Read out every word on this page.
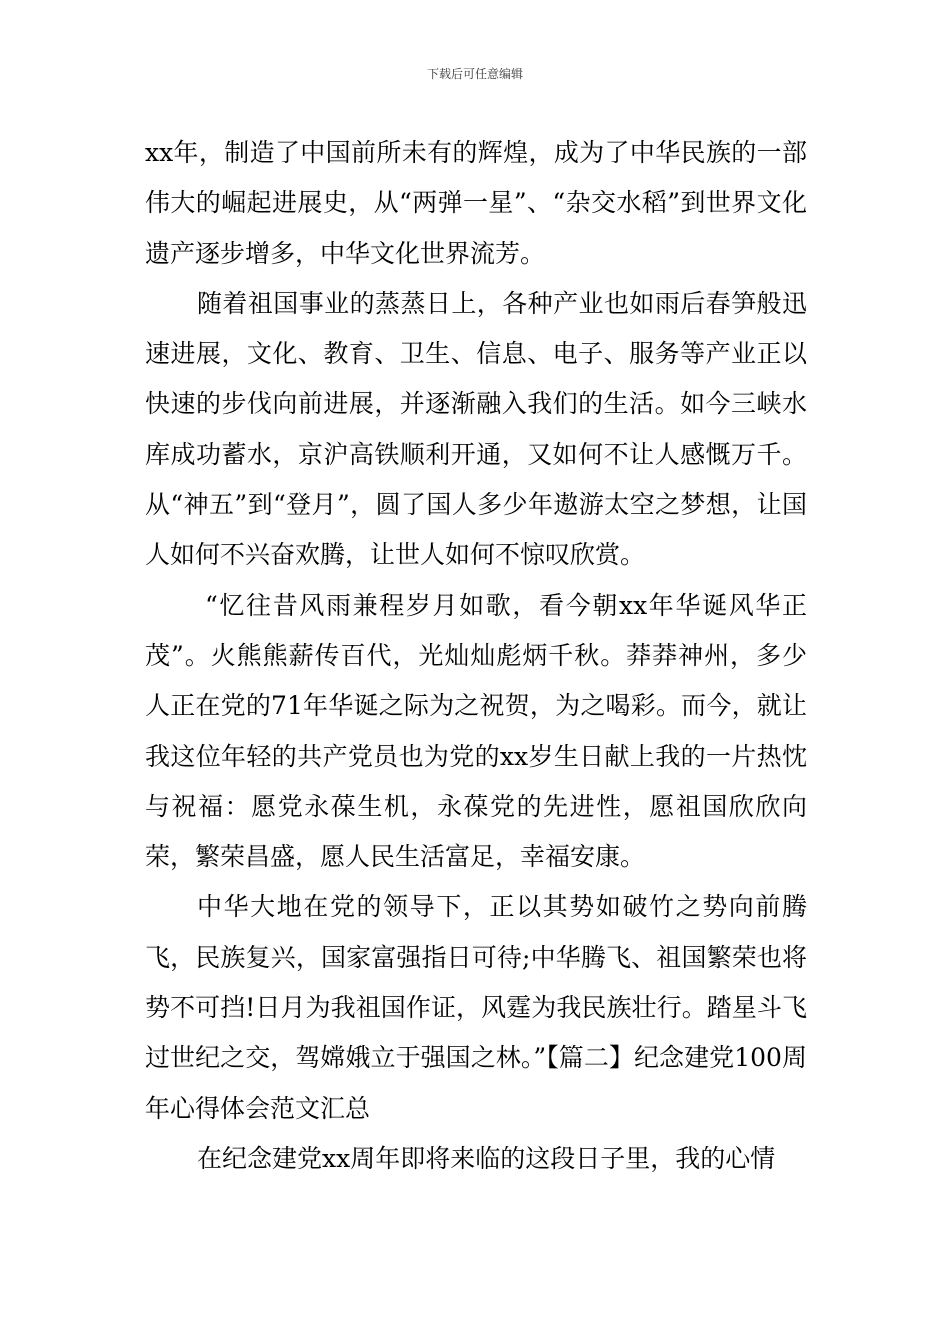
下载后可任意编辑

xx年，制造了中国前所未有的辉煌，成为了中华民族的一部伟大的崛起进展史，从“两弹一星”、“杂交水稻”到世界文化遗产逐步增多，中华文化世界流芳。

随着祖国事业的蒸蒸日上，各种产业也如雨后春笋般迅速进展，文化、教育、卫生、信息、电子、服务等产业正以快速的步伐向前进展，并逐渐融入我们的生活。如今三峡水库成功蓄水，京沪高铁顺利开通，又如何不让人感慨万千。从“神五”到“登月”，圆了国人多少年遨游太空之梦想，让国人如何不兴奋欢腾，让世人如何不惊叹欣赏。

“忆往昔风雨兼程岁月如歌，看今朝xx年华诞风华正茂”。火熊熊薪传百代，光灿灿彪炳千秋。莽莽神州，多少人正在党的71年华诞之际为之祝贺，为之喝彩。而今，就让我这位年轻的共产党员也为党的xx岁生日献上我的一片热忱与祝福：愿党永葆生机，永葆党的先进性，愿祖国欣欣向荣，繁荣昌盛，愿人民生活富足，幸福安康。

中华大地在党的领导下，正以其势如破竹之势向前腾飞，民族复兴，国家富强指日可待;中华腾飞、祖国繁荣也将势不可挡!日月为我祖国作证，风霆为我民族壮行。踏星斗飞过世纪之交，驾嫦娥立于强国之林。”【篇二】纪念建党100周年心得体会范文汇总

在纪念建党xx周年即将来临的这段日子里，我的心情
